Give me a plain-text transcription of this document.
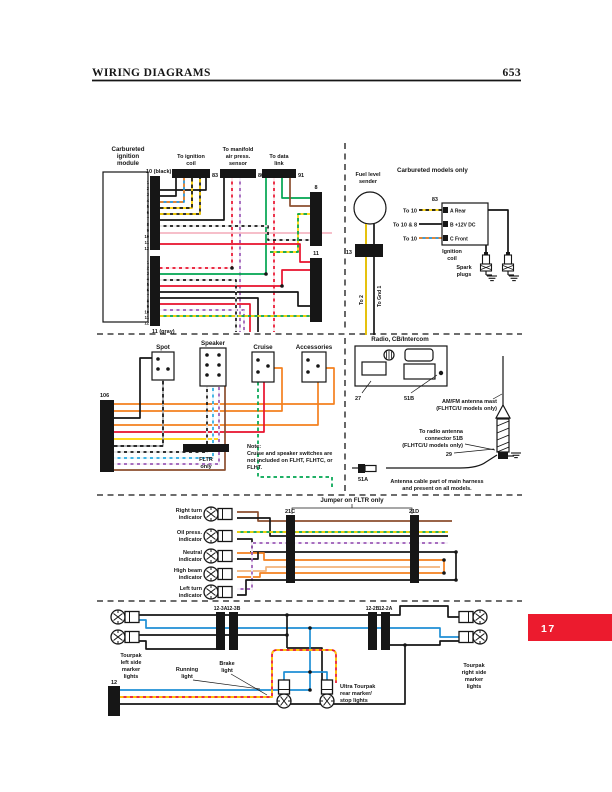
WIRING DIAGRAMS	653
Carbureted
ignition
module
10 (black)
1
2
3
4
5
6
7
8
9
10
11
12
1
2
3
4
5
6
7
8
9
10
11
12
11 (gray)
To ignition
coil
To manifold
air press.
sensor
To data
link
83	80	91
8
11
Fuel level
sender
13
To 2 To Gnd 1
Carbureted models only
83
To 10
To 10 & 8
To 10
A Rear
B +12V DC
C Front
Ignition
coil
Spark
plugs
Spot
Speaker
Cruise	Accessories
106
FLTR
only
Note:
Cruise and speaker switches are
not included on FLHT, FLHTC, or
FLHT.
Radio, CB/Intercom
27	51B	AM/FM antenna mast
(FLHTC/U models only)
To radio antenna
connector 51B
(FLHTC/U models only)
29
51A	Antenna cable part of main harness
and present on all models.
Jumper on FLTR only
21C	21D
Right turn
indicator
Oil press.
indicator
Neutral
indicator
High beam
indicator
Left turn
indicator
12-3A 12-3B	12-2B 12-2A
Tourpak
left side
marker
lights
Tourpak
right side
marker
lights
Running
light
Brake
light
Ultra Tourpak
rear marker/
stop lights
12
17
